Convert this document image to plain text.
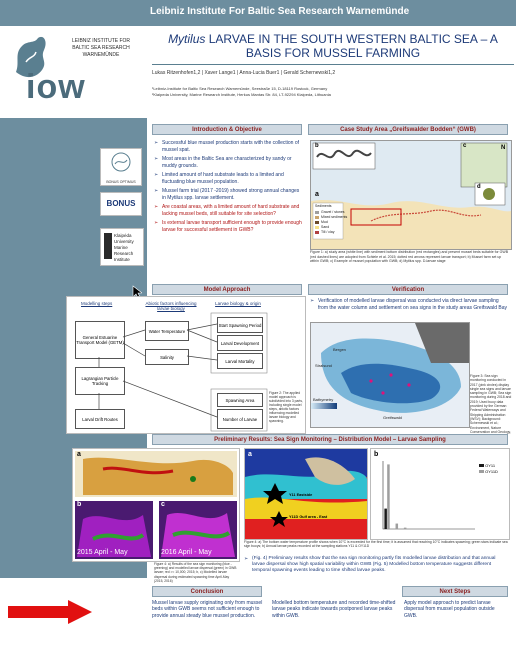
Leibniz Institute For Baltic Sea Research Warnemünde
LEIBNIZ INSTITUTE FOR
BALTIC SEA RESEARCH
WARNEMÜNDE
iow
BONUS OPTIMUS
BONUS
Klaipėda
University
Marine Research
Institute
Mytilus LARVAE IN THE SOUTH WESTERN BALTIC SEA – A BASIS FOR MUSSEL FARMING
Lukas Ritzenhofen1,2 | Xaver Lange1 | Anna-Lucia Buer1 | Gerald Schernewski1,2
¹Leibniz-Institute for Baltic Sea Research Warnemünde, Seestraße 15, D-18119 Rostock, Germany
²Klaipeda University, Marine Research Institute, Herkus Mantas Str. 84, LT-92294 Klaipeda, Lithuania
Introduction & Objective
➢ Successful blue mussel production starts with the collection of mussel spat.
➢ Most areas in the Baltic Sea are characterized by sandy or muddy grounds.
➢ Limited amount of hard substrate leads to a limited and fluctuating blue mussel population.
➢ Mussel farm trial (2017 -2019) showed strong annual changes in Mytilus spp. larvae settlement.
➢ Are coastal areas, with a limited amount of hard substrate and lacking mussel beds, still suitable for site selection?
➢ Is external larvae transport sufficient enough to provide enough larvae for successful settlement in GWB?
Case Study Area „Greifswalder Bodden“ (GWB)
Sediments
Gravel / stones
Mixed sediments
Mud
Sand
Till / clay
b
a
c
d
N
Figure 1: a) study area (white line) with sediment bottom distribution (red rectangles) and present mussel beds suitable for GWB (red dashed lines) are adopted from Schiele et al. 2015; dotted red arrows represent larvae transport; b) Mussel farm set up within GWB; c) Example of mussel population with GWB; d) Mytilus spp. D-larvae stage
Model Approach
Modelling steps	Abiotic factors influencing larvae biology
Larvae biology & origin
General Estuarine Transport Model (GETM)
Lagrangian Particle Tracking
Larval Drift Routes
Water Temperature
Salinity
Start Spawning Period
Larval Development
Larval Mortality
Spawning Area
Number of Larvae
Figure 2: The applied model approach is subdivided into 3 parts, including single model steps, abiotic factors influencing modelled larvae biology and spawning.
Verification
➢ Verification of modelled larvae dispersal was conducted via direct larvae sampling from the water column and settlement on sea signs in the study areas Greifswald Bay
Bathymetry
Bergen
Greifswald
Stralsund
Figure 3: Sea sign monitoring conducted in 2017 (pink circles) display single sea signs and larvae sampling in GWB; Sea sign monitoring during 2018 and 2019; Used buoy data provided by the German Federal Waterways and Shipping Administration (WSV); Background: Schernewski et al.; Environment, Nature Conservation and Geology,
Preliminary Results: Sea Sign Monitoring – Distribution Model – Larvae Sampling
a
b	c
2015 April - May	2016 April - May
Figure 4: a) Results of the sea sign monitoring (blue - greening) and modelled larvae dispersal (green) in GWB larvae; red >= 10,000; 2015; b, c) Modelled larvae dispersal during estimated spawning time April-May (2015, 2016)
a
Y11 Eastside
Y11D Gulf area - East
b
OY11
OY11D
Figure 4: a) The bottom water temperature profile shows when 10°C is exceeded for the first time; it is assumed that reaching 10°C indicates spawning; green stars indicate sea sign buoys; b) Annual larvae peaks recorded at the sampling stations Y11 & OY11D
➢ (Fig. 4) Preliminary results show that the sea sign monitoring partly fits modelled larvae distribution and that annual larvae dispersal show high spatial variability within GWB (Fig. 5) Modelled bottom temperature suggests different temporal spawning events leading to time shifted larvae peaks.
Conclusion	Next Steps
Mussel larvae supply originating only from mussel beds within GWB seems not sufficient enough to provide annual steady blue mussel production.
Modelled bottom temperature and recorded time-shifted larvae peaks indicate towards postponed larvae peaks within GWB.
Apply model approach to predict larvae dispersal from mussel population outside GWB.
